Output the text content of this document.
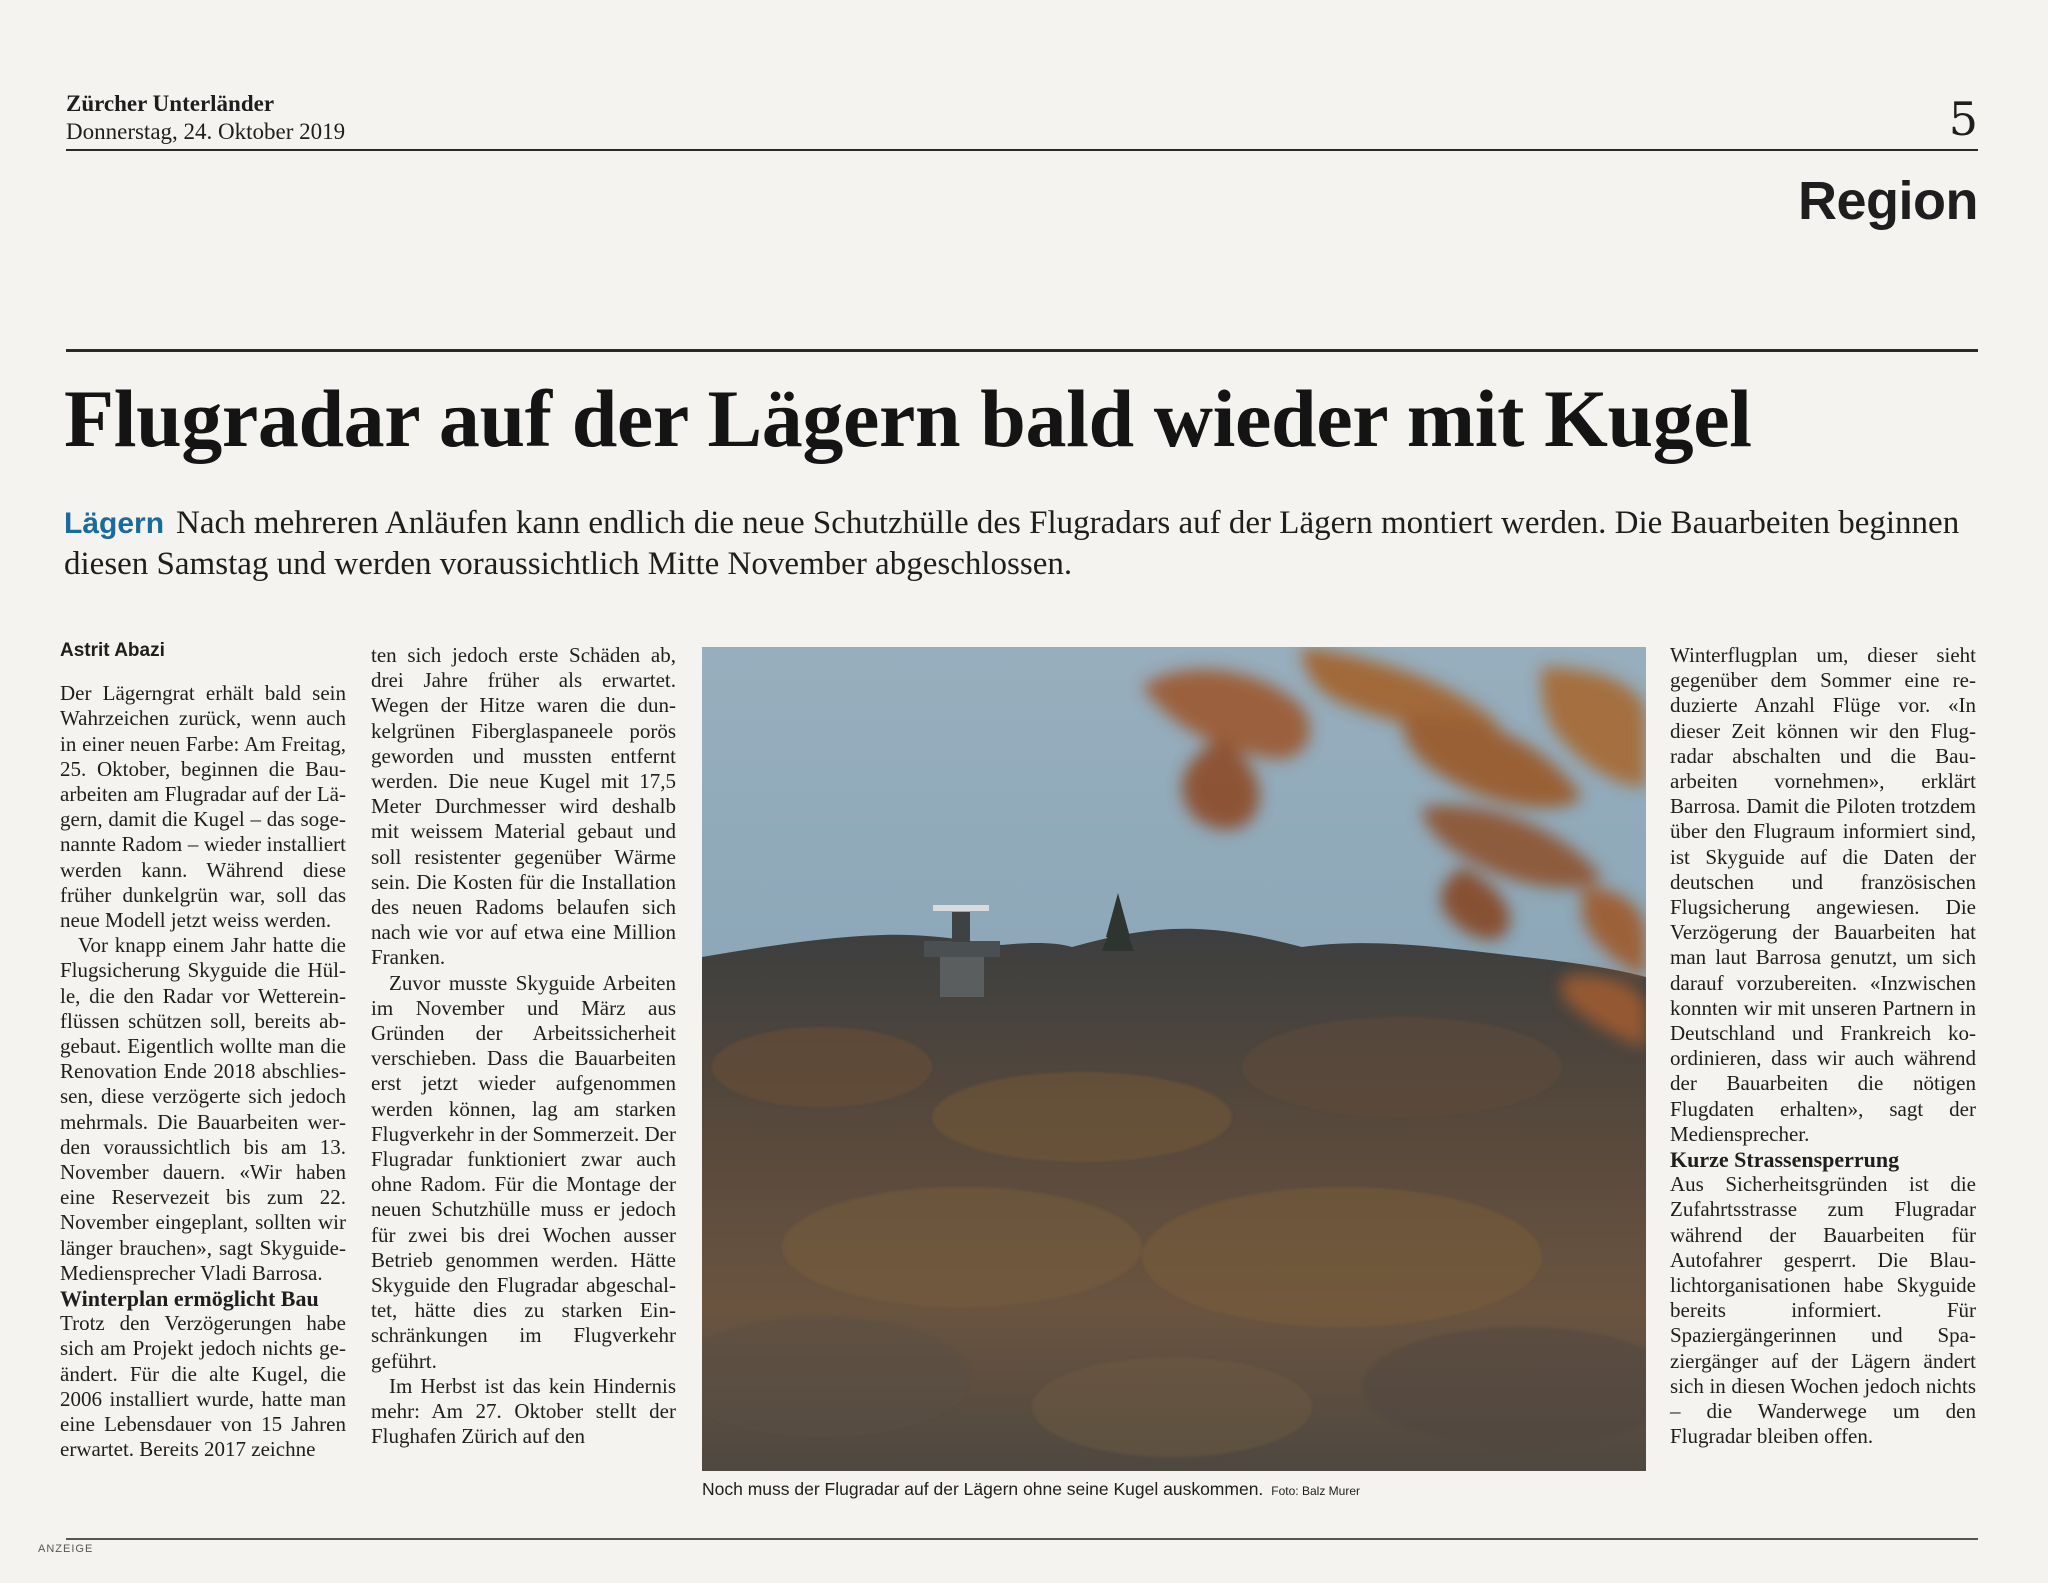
Zürcher Unterländer
Donnerstag, 24. Oktober 2019	5
Region
Flugradar auf der Lägern bald wieder mit Kugel

Lägern Nach mehreren Anläufen kann endlich die neue Schutzhülle des Flugradars auf der Lägern montiert werden. Die Bauarbeiten beginnen diesen Samstag und werden voraussichtlich Mitte November abgeschlossen.

Astrit Abazi

Der Lägerngrat erhält bald sein Wahrzeichen zurück, wenn auch in einer neuen Farbe: Am Freitag, 25. Oktober, beginnen die Bauarbeiten am Flugradar auf der Lägern, damit die Kugel – das sogenannte Radom – wieder installiert werden kann. Während diese früher dunkelgrün war, soll das neue Modell jetzt weiss werden.

Vor knapp einem Jahr hatte die Flugsicherung Skyguide die Hülle, die den Radar vor Wettereinflüssen schützen soll, bereits abgebaut. Eigentlich wollte man die Renovation Ende 2018 abschliessen, diese verzögerte sich jedoch mehrmals. Die Bauarbeiten werden voraussichtlich bis am 13. November dauern. «Wir haben eine Reservezeit bis zum 22. November eingeplant, sollten wir länger brauchen», sagt Skyguide-Mediensprecher Vladi Barrosa.

Winterplan ermöglicht Bau

Trotz den Verzögerungen habe sich am Projekt jedoch nichts geändert. Für die alte Kugel, die 2006 installiert wurde, hatte man eine Lebensdauer von 15 Jahren erwartet. Bereits 2017 zeichne

ten sich jedoch erste Schäden ab, drei Jahre früher als erwartet. Wegen der Hitze waren die dunkelgrünen Fiberglaspaneele porös geworden und mussten entfernt werden. Die neue Kugel mit 17,5 Meter Durchmesser wird deshalb mit weissem Material gebaut und soll resistenter gegenüber Wärme sein. Die Kosten für die Installation des neuen Radoms belaufen sich nach wie vor auf etwa eine Million Franken.

Zuvor musste Skyguide Arbeiten im November und März aus Gründen der Arbeitssicherheit verschieben. Dass die Bauarbeiten erst jetzt wieder aufgenommen werden können, lag am starken Flugverkehr in der Sommerzeit. Der Flugradar funktioniert zwar auch ohne Radom. Für die Montage der neuen Schutzhülle muss er jedoch für zwei bis drei Wochen ausser Betrieb genommen werden. Hätte Skyguide den Flugradar abgeschaltet, hätte dies zu starken Einschränkungen im Flugverkehr geführt.

Im Herbst ist das kein Hindernis mehr: Am 27. Oktober stellt der Flughafen Zürich auf den

Noch muss der Flugradar auf der Lägern ohne seine Kugel auskommen. Foto: Balz Murer

Winterflugplan um, dieser sieht gegenüber dem Sommer eine reduzierte Anzahl Flüge vor. «In dieser Zeit können wir den Flugradar abschalten und die Bauarbeiten vornehmen», erklärt Barrosa. Damit die Piloten trotzdem über den Flugraum informiert sind, ist Skyguide auf die Daten der deutschen und französischen Flugsicherung angewiesen. Die Verzögerung der Bauarbeiten hat man laut Barrosa genutzt, um sich darauf vorzubereiten. «Inzwischen konnten wir mit unseren Partnern in Deutschland und Frankreich koordinieren, dass wir auch während der Bauarbeiten die nötigen Flugdaten erhalten», sagt der Mediensprecher.

Kurze Strassensperrung

Aus Sicherheitsgründen ist die Zufahrtsstrasse zum Flugradar während der Bauarbeiten für Autofahrer gesperrt. Die Blaulichtorganisationen habe Skyguide bereits informiert. Für Spaziergängerinnen und Spaziergänger auf der Lägern ändert sich in diesen Wochen jedoch nichts – die Wanderwege um den Flugradar bleiben offen.

ANZEIGE
